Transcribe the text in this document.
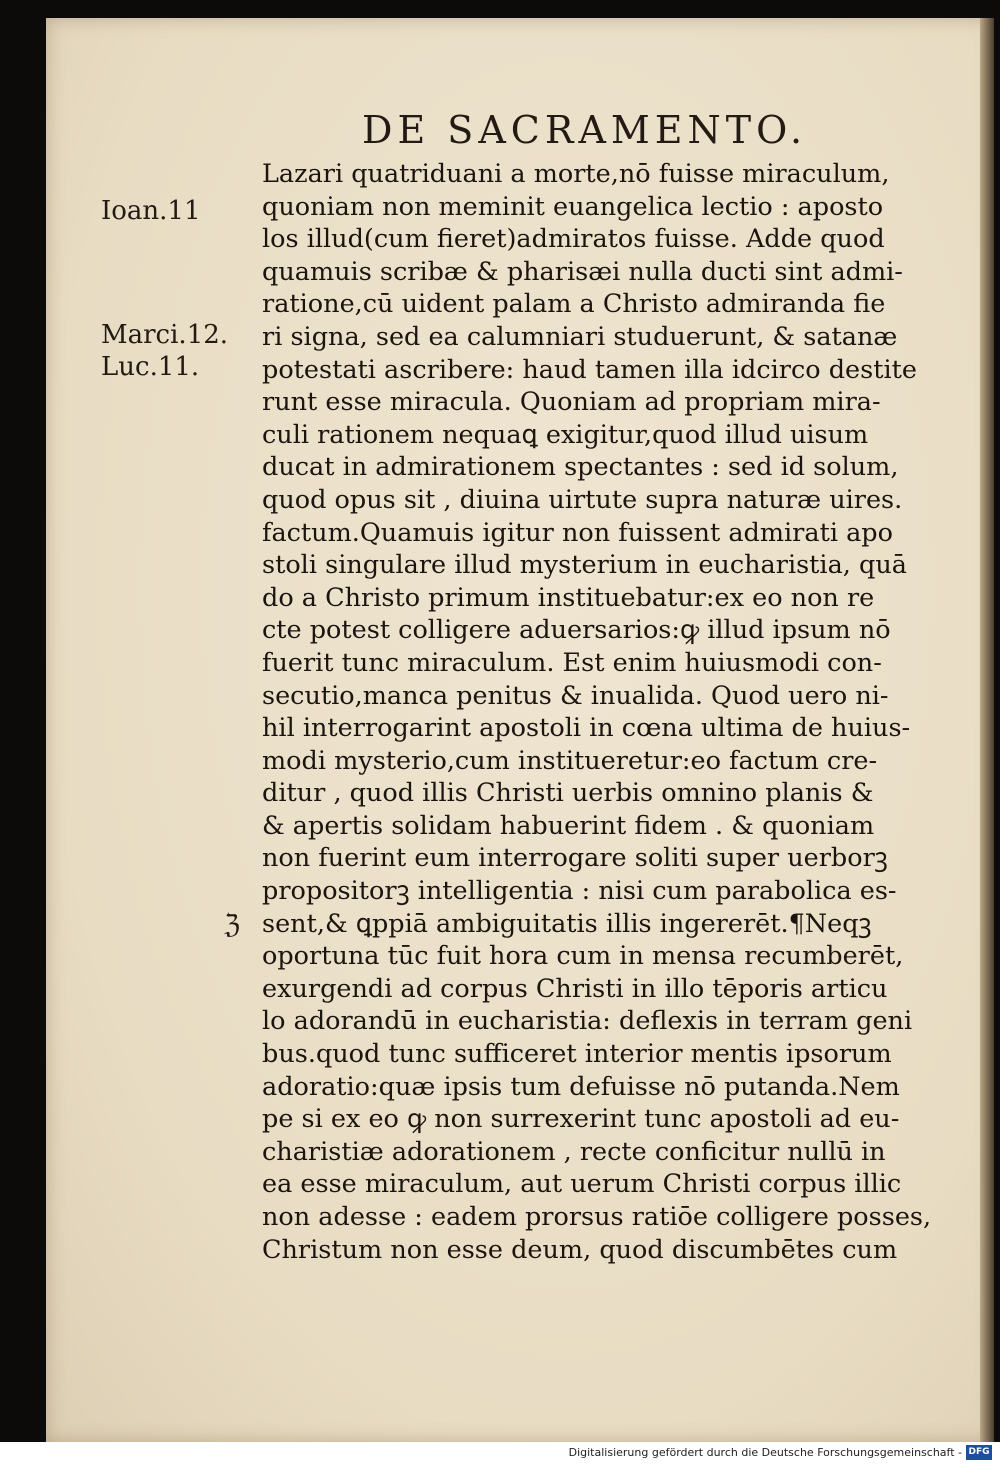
DE SACRAMENTO.
Ioan.11
Marci.12.
Luc.11.
ℨ
Lazari quatriduani a morte,nō fuisse miraculum,
quoniam non meminit euangelica lectio : aposto
los illud(cum fieret)admiratos fuisse. Adde quod
quamuis scribæ & pharisæi nulla ducti sint admi-
ratione,cū uident palam a Christo admiranda fie
ri signa, sed ea calumniari studuerunt, & satanæ
potestati ascribere: haud tamen illa idcirco destite
runt esse miracula. Quoniam ad propriam mira-
culi rationem nequaꝗ exigitur,quod illud uisum
ducat in admirationem spectantes : sed id solum,
quod opus sit , diuina uirtute supra naturæ uires.
factum.Quamuis igitur non fuissent admirati apo
stoli singulare illud mysterium in eucharistia, quā
do a Christo primum instituebatur:ex eo non re
cte potest colligere aduersarios:ꝙ illud ipsum nō
fuerit tunc miraculum. Est enim huiusmodi con-
secutio,manca penitus & inualida. Quod uero ni-
hil interrogarint apostoli in cœna ultima de huius-
modi mysterio,cum institueretur:eo factum cre-
ditur , quod illis Christi uerbis omnino planis &
& apertis solidam habuerint fidem . & quoniam
non fuerint eum interrogare soliti super uerborꝫ
propositorꝫ intelligentia : nisi cum parabolica es-
sent,& ꝗppiā ambiguitatis illis ingererēt.¶Neqꝫ
oportuna tūc fuit hora cum in mensa recumberēt,
exurgendi ad corpus Christi in illo tēporis articu
lo adorandū in eucharistia: deflexis in terram geni
bus.quod tunc sufficeret interior mentis ipsorum
adoratio:quæ ipsis tum defuisse nō putanda.Nem
pe si ex eo ꝙ non surrexerint tunc apostoli ad eu-
charistiæ adorationem , recte conficitur nullū in
ea esse miraculum, aut uerum Christi corpus illic
non adesse : eadem prorsus ratiōe colligere posses,
Christum non esse deum, quod discumbētes cum
Digitalisierung gefördert durch die Deutsche Forschungsgemeinschaft - DFG
